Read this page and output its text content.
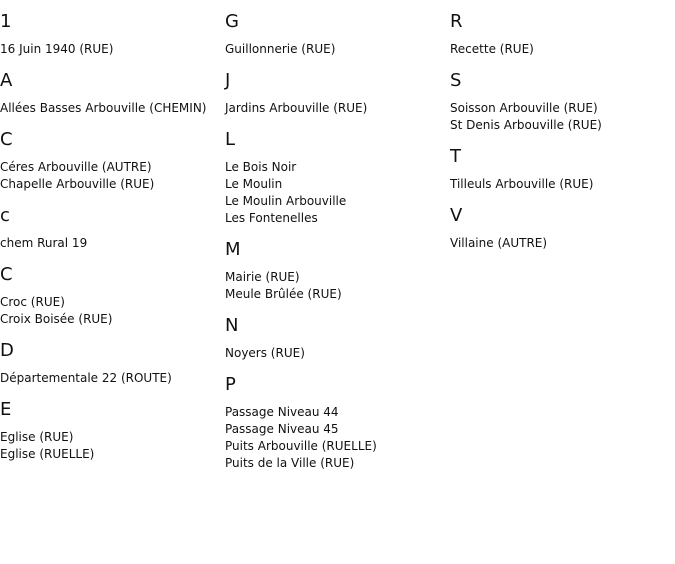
1
16 Juin 1940 (RUE)
A
Allées Basses Arbouville (CHEMIN)
C
Céres Arbouville (AUTRE)
Chapelle Arbouville (RUE)
c
chem Rural 19
C
Croc (RUE)
Croix Boisée (RUE)
D
Départementale 22 (ROUTE)
E
Eglise (RUE)
Eglise (RUELLE)
G
Guillonnerie (RUE)
J
Jardins Arbouville (RUE)
L
Le Bois Noir
Le Moulin
Le Moulin Arbouville
Les Fontenelles
M
Mairie (RUE)
Meule Brûlée (RUE)
N
Noyers (RUE)
P
Passage Niveau 44
Passage Niveau 45
Puits Arbouville (RUELLE)
Puits de la Ville (RUE)
R
Recette (RUE)
S
Soisson Arbouville (RUE)
St Denis Arbouville (RUE)
T
Tilleuls Arbouville (RUE)
V
Villaine (AUTRE)
